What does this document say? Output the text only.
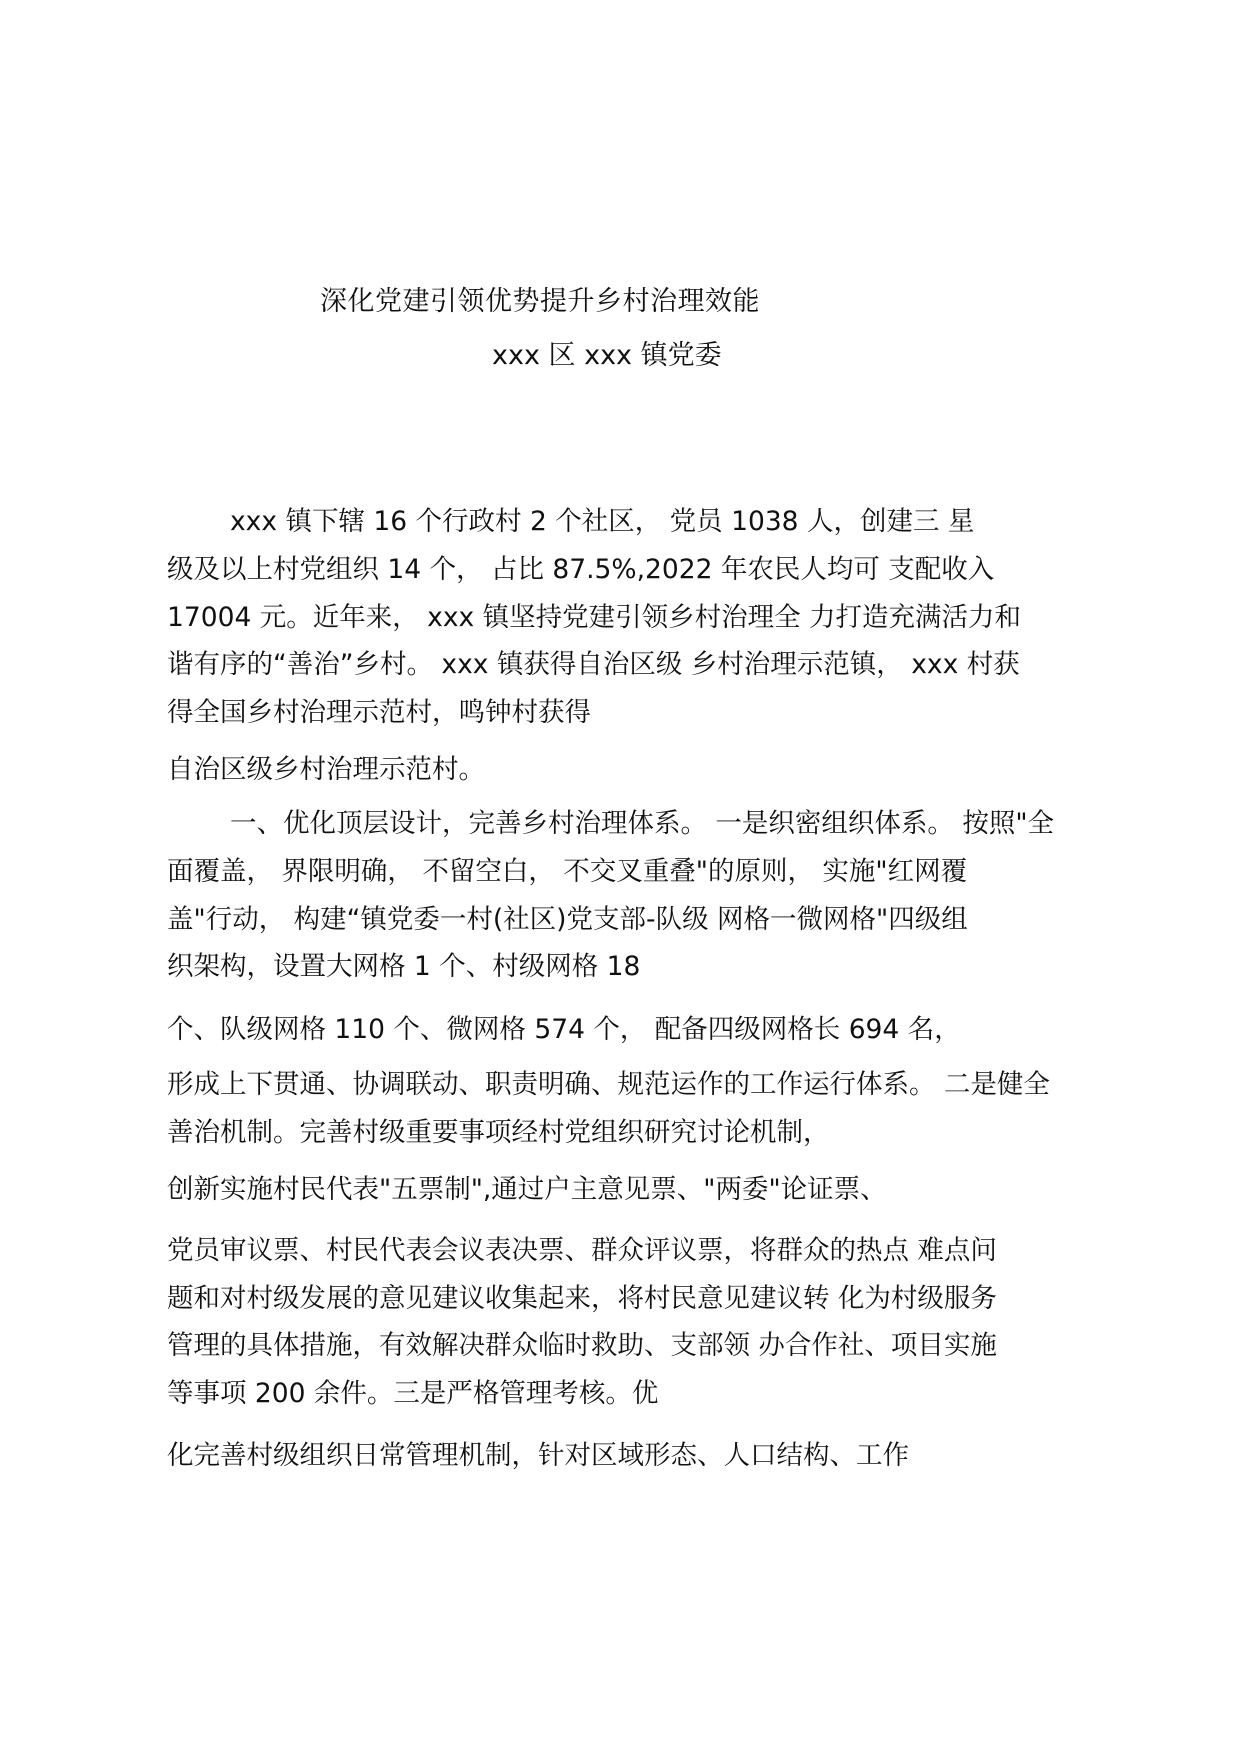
深化党建引领优势提升乡村治理效能
xxx 区 xxx 镇党委
xxx 镇下辖 16 个行政村 2 个社区， 党员 1038 人，创建三 星
级及以上村党组织 14 个， 占比 87.5%,2022 年农民人均可 支配收入
17004 元。近年来， xxx 镇坚持党建引领乡村治理全 力打造充满活力和
谐有序的“善治”乡村。 xxx 镇获得自治区级 乡村治理示范镇， xxx 村获
得全国乡村治理示范村，鸣钟村获得
自治区级乡村治理示范村。
一、优化顶层设计，完善乡村治理体系。 一是织密组织体系。 按照"全
面覆盖， 界限明确， 不留空白， 不交叉重叠"的原则， 实施"红网覆
盖"行动， 构建“镇党委一村(社区)党支部-队级 网格一微网格"四级组
织架构，设置大网格 1 个、村级网格 18
个、队级网格 110 个、微网格 574 个， 配备四级网格长 694 名，
形成上下贯通、协调联动、职责明确、规范运作的工作运行体系。 二是健全
善治机制。完善村级重要事项经村党组织研究讨论机制，
创新实施村民代表"五票制",通过户主意见票、"两委"论证票、
党员审议票、村民代表会议表决票、群众评议票，将群众的热点 难点问
题和对村级发展的意见建议收集起来，将村民意见建议转 化为村级服务
管理的具体措施，有效解决群众临时救助、支部领 办合作社、项目实施
等事项 200 余件。三是严格管理考核。优
化完善村级组织日常管理机制，针对区域形态、人口结构、工作
